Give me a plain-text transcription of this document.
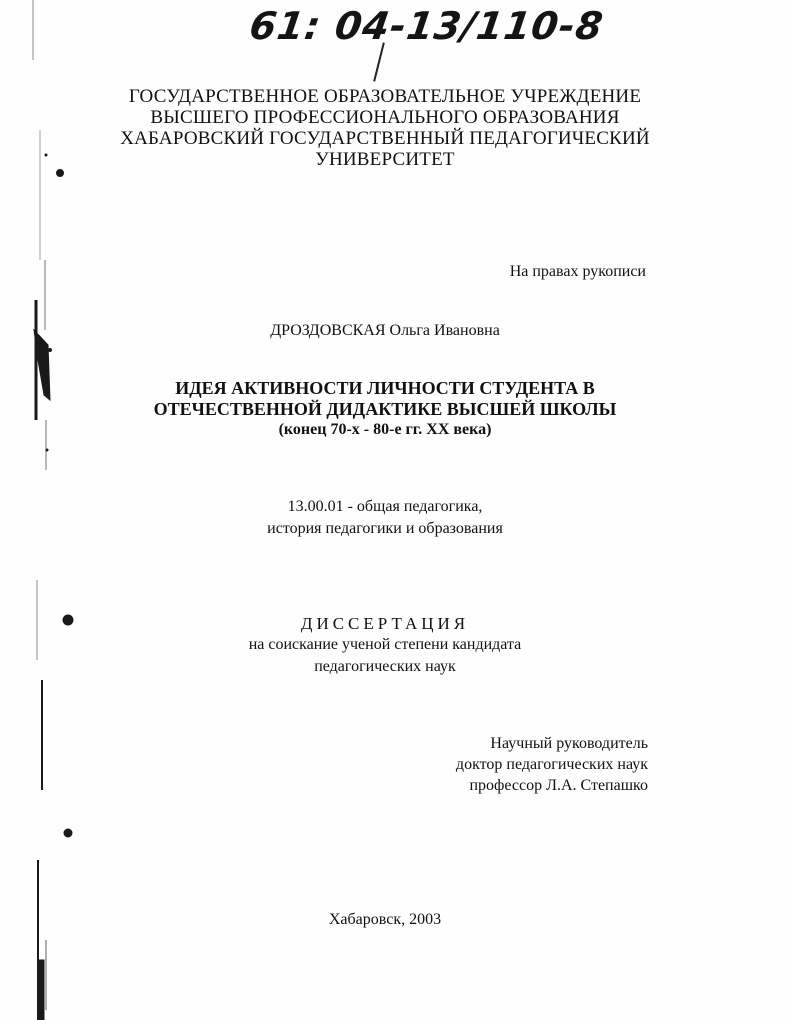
61: 04-13/110-8
ГОСУДАРСТВЕННОЕ ОБРАЗОВАТЕЛЬНОЕ УЧРЕЖДЕНИЕ
ВЫСШЕГО ПРОФЕССИОНАЛЬНОГО ОБРАЗОВАНИЯ
ХАБАРОВСКИЙ ГОСУДАРСТВЕННЫЙ ПЕДАГОГИЧЕСКИЙ
УНИВЕРСИТЕТ
На правах рукописи
ДРОЗДОВСКАЯ Ольга Ивановна
ИДЕЯ АКТИВНОСТИ ЛИЧНОСТИ СТУДЕНТА В
ОТЕЧЕСТВЕННОЙ ДИДАКТИКЕ ВЫСШЕЙ ШКОЛЫ
(конец 70-х - 80-е гг. XX века)
13.00.01 - общая педагогика,
история педагогики и образования
ДИССЕРТАЦИЯ
на соискание ученой степени кандидата
педагогических наук
Научный руководитель
доктор педагогических наук
профессор Л.А. Степашко
Хабаровск, 2003
